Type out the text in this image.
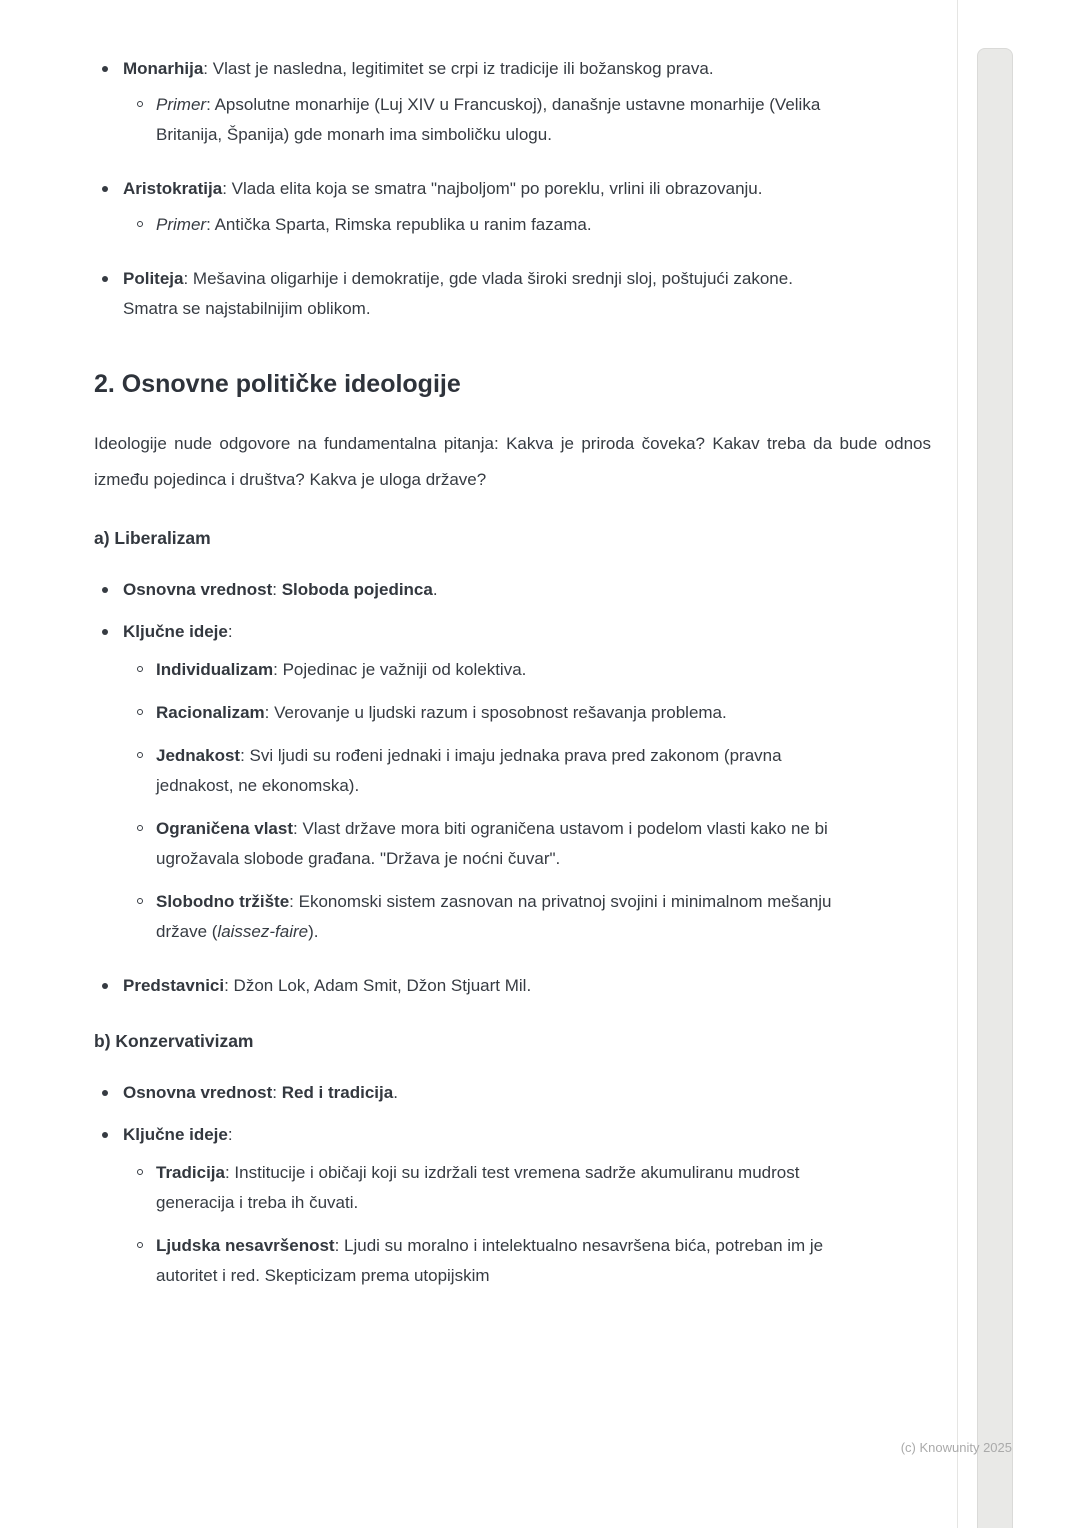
Monarhija: Vlast je nasledna, legitimitet se crpi iz tradicije ili božanskog prava.
Primer: Apsolutne monarhije (Luj XIV u Francuskoj), današnje ustavne monarhije (Velika Britanija, Španija) gde monarh ima simboličku ulogu.
Aristokratija: Vlada elita koja se smatra "najboljom" po poreklu, vrlini ili obrazovanju.
Primer: Antička Sparta, Rimska republika u ranim fazama.
Politeja: Mešavina oligarhije i demokratije, gde vlada široki srednji sloj, poštujući zakone. Smatra se najstabilnijim oblikom.
2. Osnovne političke ideologije

Ideologije nude odgovore na fundamentalna pitanja: Kakva je priroda čoveka? Kakav treba da bude odnos između pojedinca i društva? Kakva je uloga države?

a) Liberalizam
Osnovna vrednost: Sloboda pojedinca.
Ključne ideje:
Individualizam: Pojedinac je važniji od kolektiva.
Racionalizam: Verovanje u ljudski razum i sposobnost rešavanja problema.
Jednakost: Svi ljudi su rođeni jednaki i imaju jednaka prava pred zakonom (pravna jednakost, ne ekonomska).
Ograničena vlast: Vlast države mora biti ograničena ustavom i podelom vlasti kako ne bi ugrožavala slobode građana. "Država je noćni čuvar".
Slobodno tržište: Ekonomski sistem zasnovan na privatnoj svojini i minimalnom mešanju države (laissez-faire).
Predstavnici: Džon Lok, Adam Smit, Džon Stjuart Mil.
b) Konzervativizam
Osnovna vrednost: Red i tradicija.
Ključne ideje:
Tradicija: Institucije i običaji koji su izdržali test vremena sadrže akumuliranu mudrost generacija i treba ih čuvati.
Ljudska nesavršenost: Ljudi su moralno i intelektualno nesavršena bića, potreban im je autoritet i red. Skepticizam prema utopijskim
(c) Knowunity 2025
